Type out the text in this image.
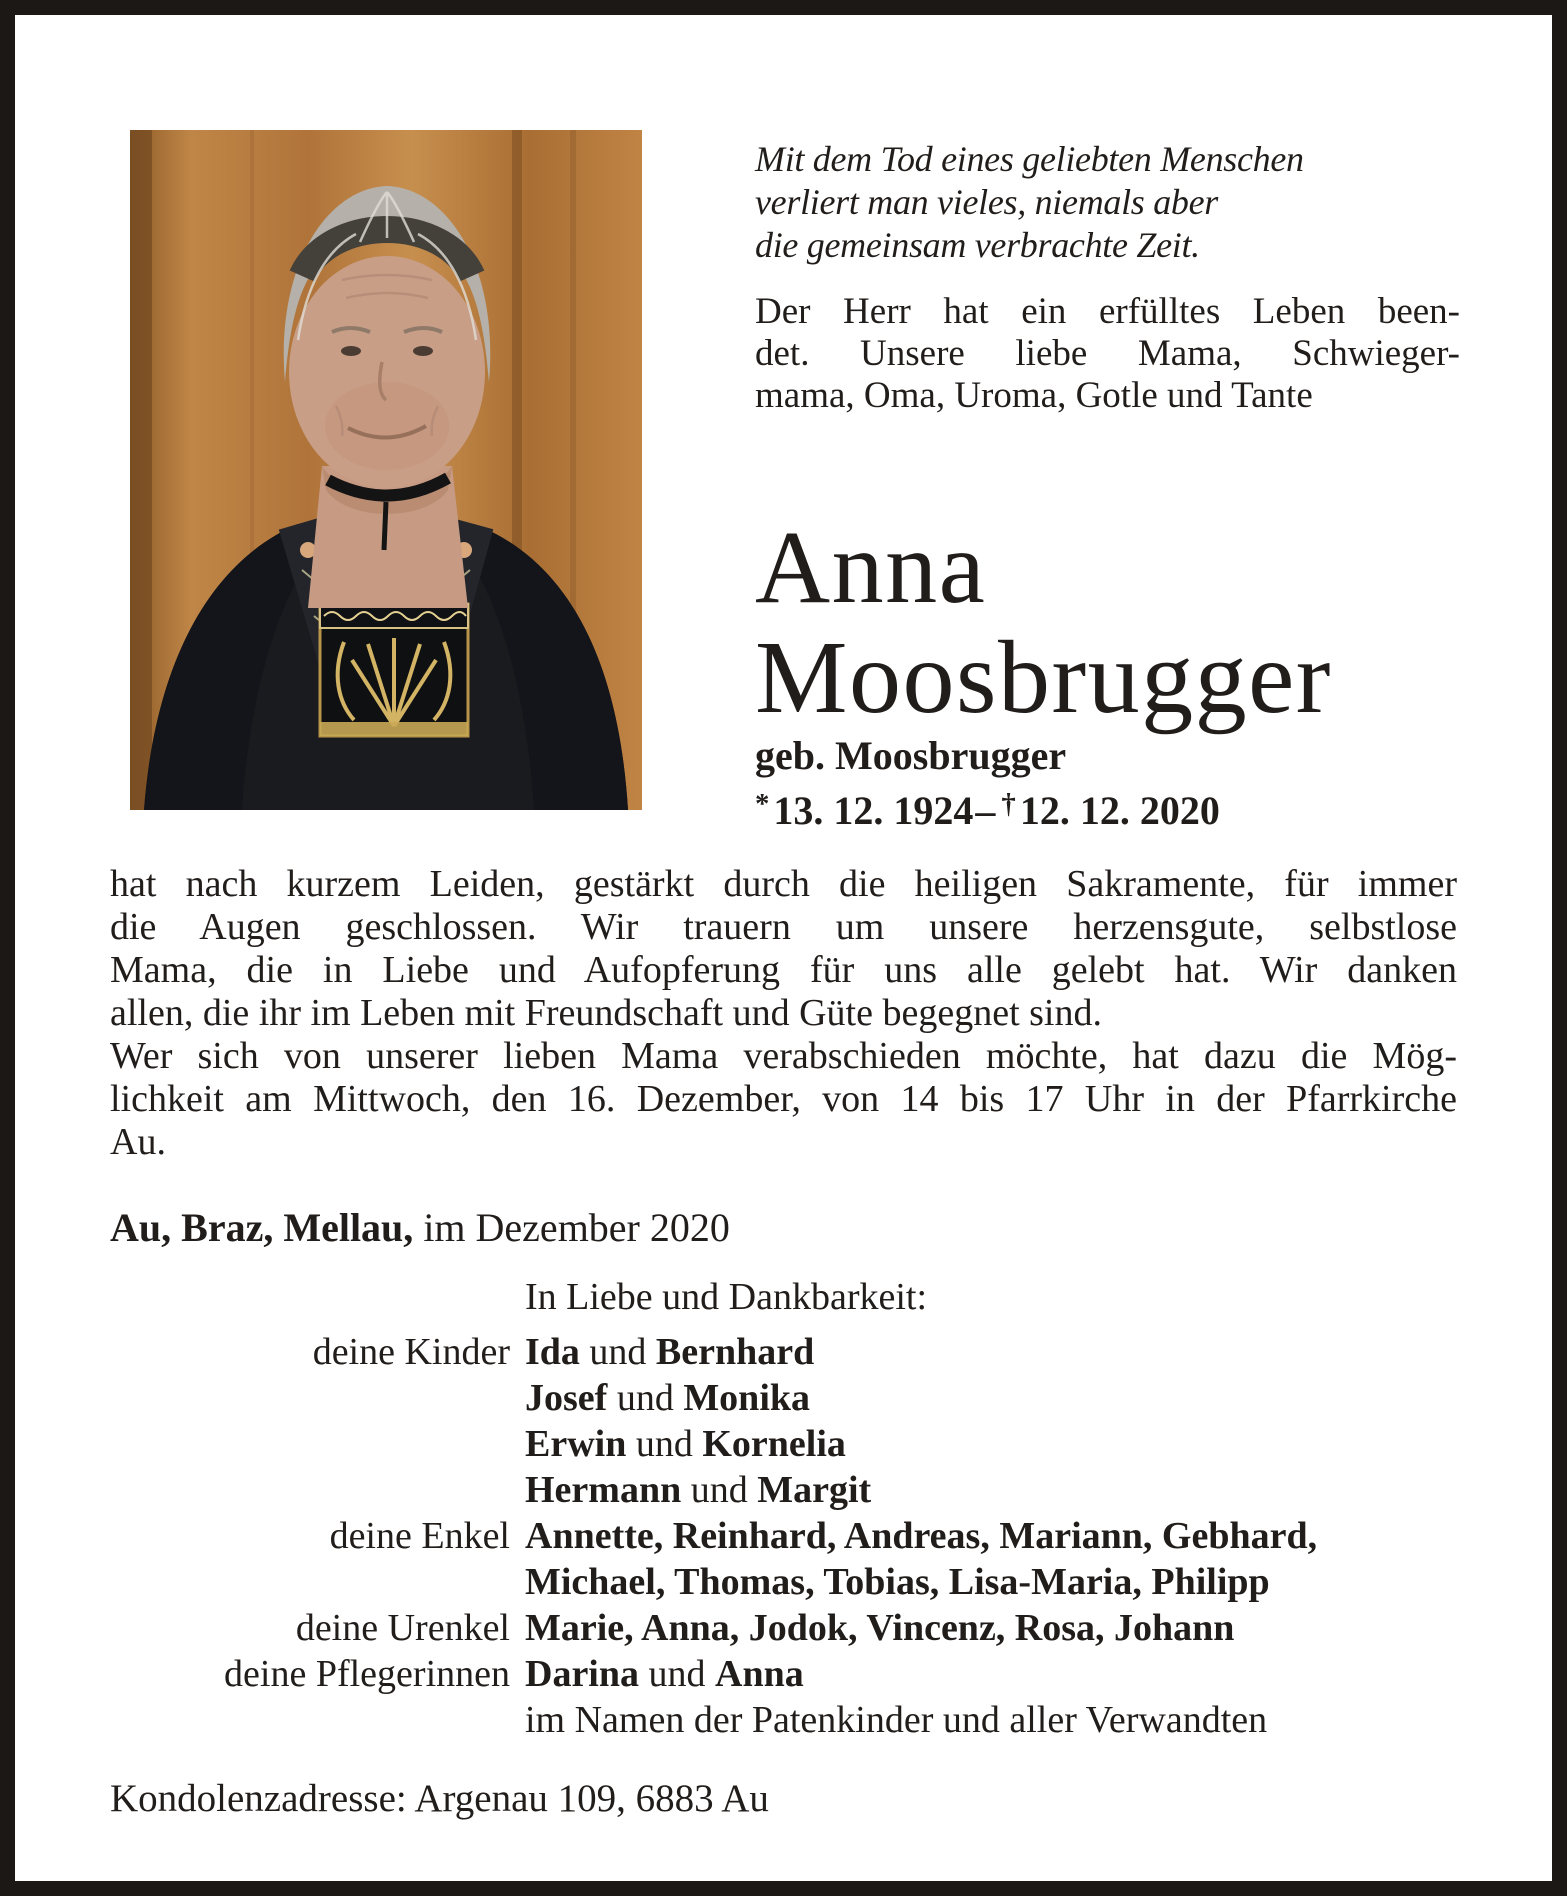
Mit dem Tod eines geliebten Menschen
verliert man vieles, niemals aber
die gemeinsam verbrachte Zeit.
Der Herr hat ein erfülltes Leben been-
det. Unsere liebe Mama, Schwieger-
mama, Oma, Uroma, Gotle und Tante
Anna
Moosbrugger
geb. Moosbrugger
* 13. 12. 1924– † 12. 12. 2020
hat nach kurzem Leiden, gestärkt durch die heiligen Sakramente, für immer
die Augen geschlossen. Wir trauern um unsere herzensgute, selbstlose
Mama, die in Liebe und Aufopferung für uns alle gelebt hat. Wir danken
allen, die ihr im Leben mit Freundschaft und Güte begegnet sind.
Wer sich von unserer lieben Mama verabschieden möchte, hat dazu die Mög-
lichkeit am Mittwoch, den 16. Dezember, von 14 bis 17 Uhr in der Pfarrkirche
Au.
Au, Braz, Mellau, im Dezember 2020
In Liebe und Dankbarkeit:
deine Kinder Ida und Bernhard
Josef und Monika
Erwin und Kornelia
Hermann und Margit
deine Enkel Annette, Reinhard, Andreas, Mariann, Gebhard,
Michael, Thomas, Tobias, Lisa-Maria, Philipp
deine Urenkel Marie, Anna, Jodok, Vincenz, Rosa, Johann
deine Pflegerinnen Darina und Anna
im Namen der Patenkinder und aller Verwandten
Kondolenzadresse: Argenau 109, 6883 Au
